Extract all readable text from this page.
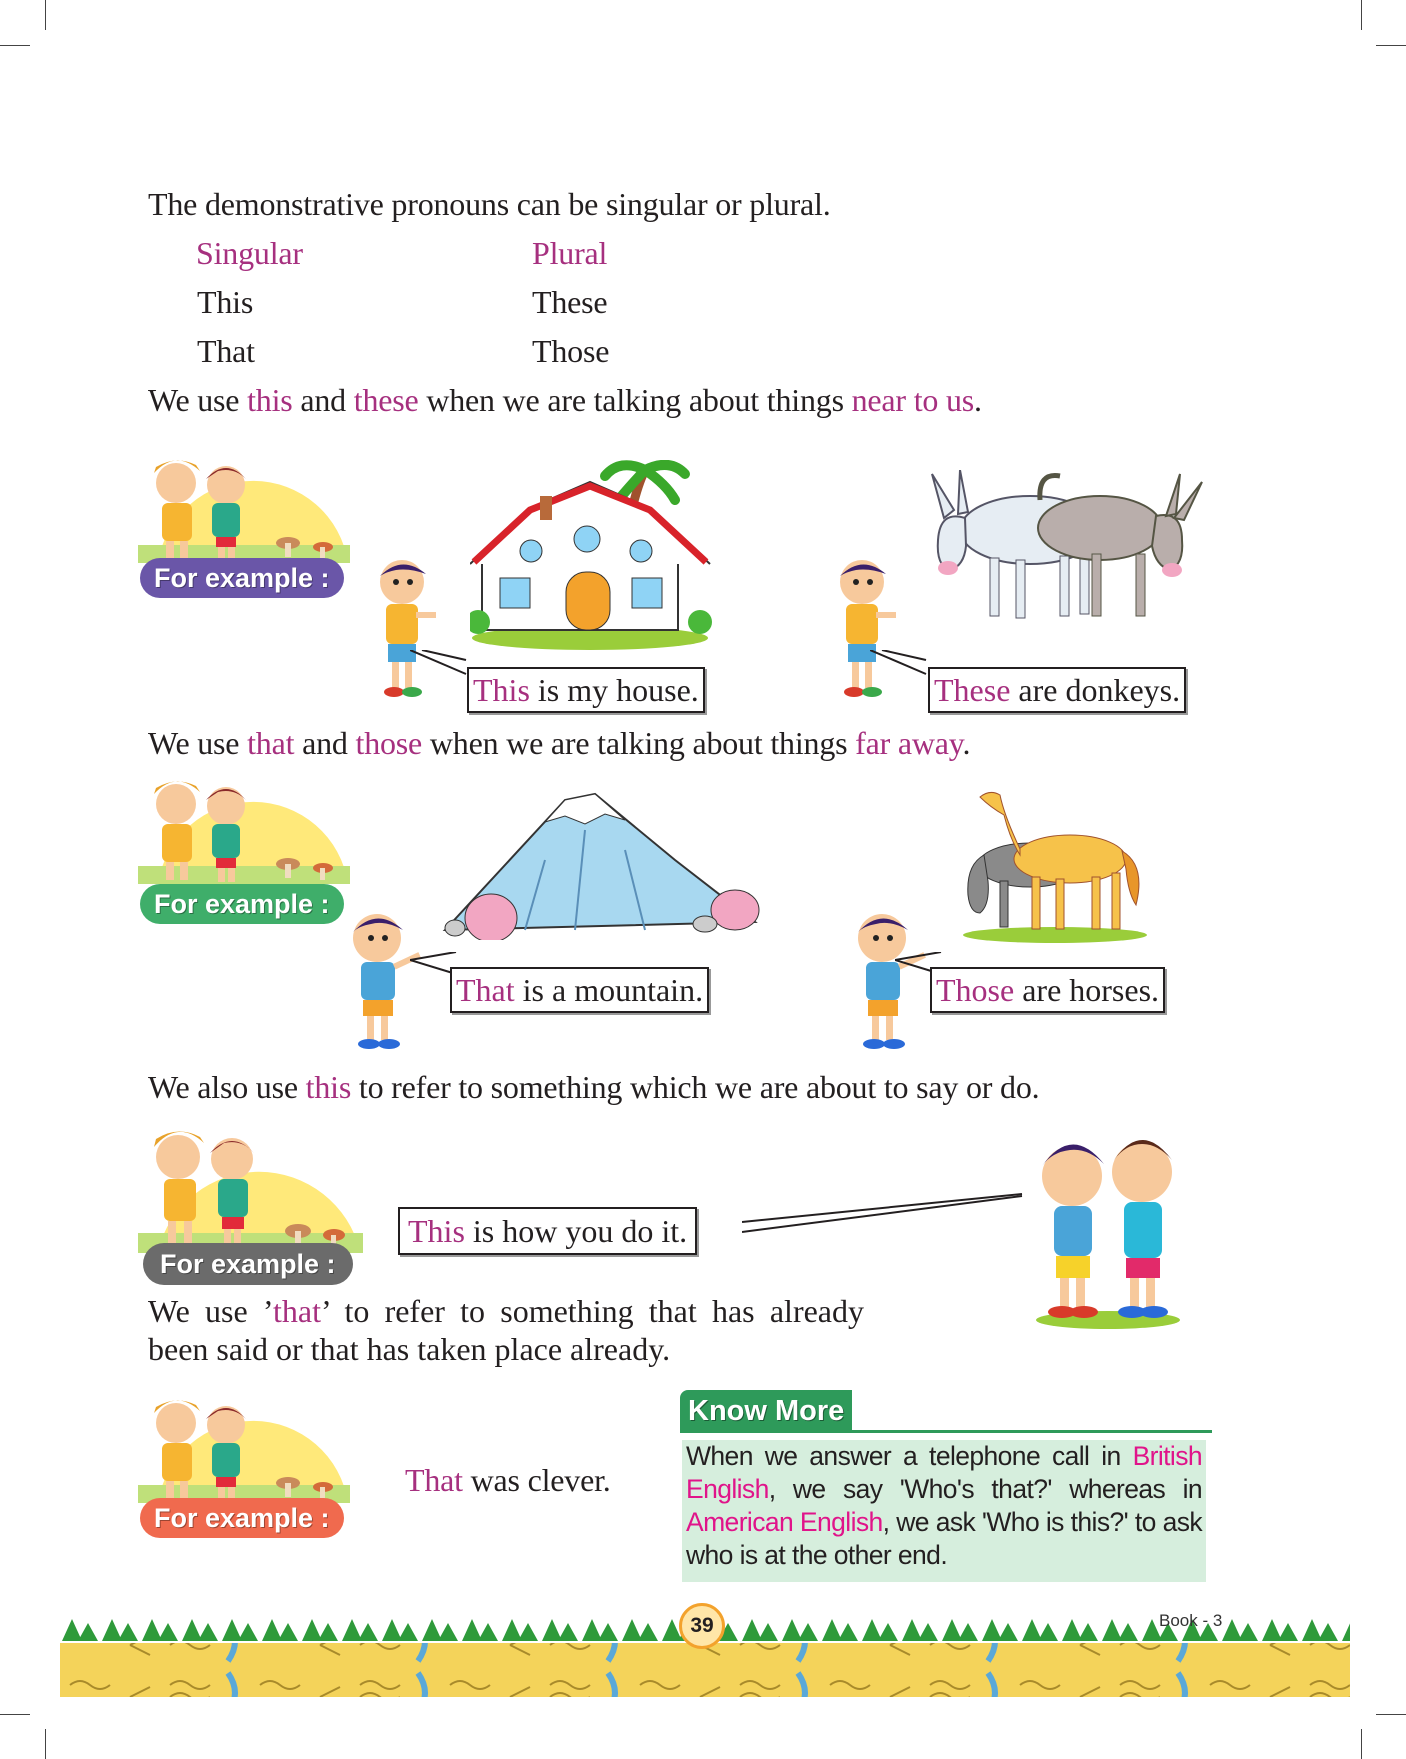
The demonstrative pronouns can be singular or plural.
Singular	Plural
This	These
That	Those
We use this and these when we are talking about things near to us.
For example :
This is my house.	These are donkeys.
We use that and those when we are talking about things far away.
For example :
That is a mountain.	Those are horses.
We also use this to refer to something which we are about to say or do.
For example :
This is how you do it.
We use ’that’ to refer to something that has already been said or that has taken place already.
For example :
That was clever.
Know More
When we answer a telephone call in British English, we say 'Who's that?' whereas in American English, we ask 'Who is this?' to ask who is at the other end.
39	Book - 3
